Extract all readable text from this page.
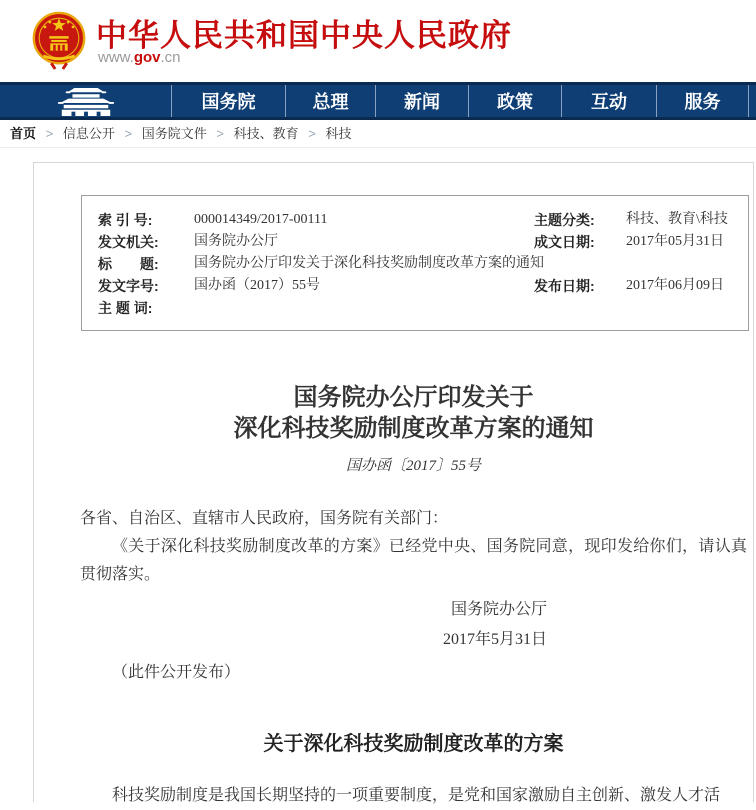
中华人民共和国中央人民政府
www.gov.cn
国务院	总理	新闻	政策	互动	服务
首页 > 信息公开 > 国务院文件 > 科技、教育 > 科技
索 引 号:	000014349/2017-00111	主题分类:	科技、教育\科技
发文机关:	国务院办公厅	成文日期:	2017年05月31日
标　　题:	国务院办公厅印发关于深化科技奖励制度改革方案的通知		
发文字号:	国办函（2017）55号	发布日期:	2017年06月09日
主 题 词:			
国务院办公厅印发关于
深化科技奖励制度改革方案的通知
国办函〔2017〕55号
各省、自治区、直辖市人民政府，国务院有关部门：
《关于深化科技奖励制度改革的方案》已经党中央、国务院同意，现印发给你们，请认真贯彻落实。
国务院办公厅
2017年5月31日
（此件公开发布）
关于深化科技奖励制度改革的方案
科技奖励制度是我国长期坚持的一项重要制度，是党和国家激励自主创新、激发人才活
